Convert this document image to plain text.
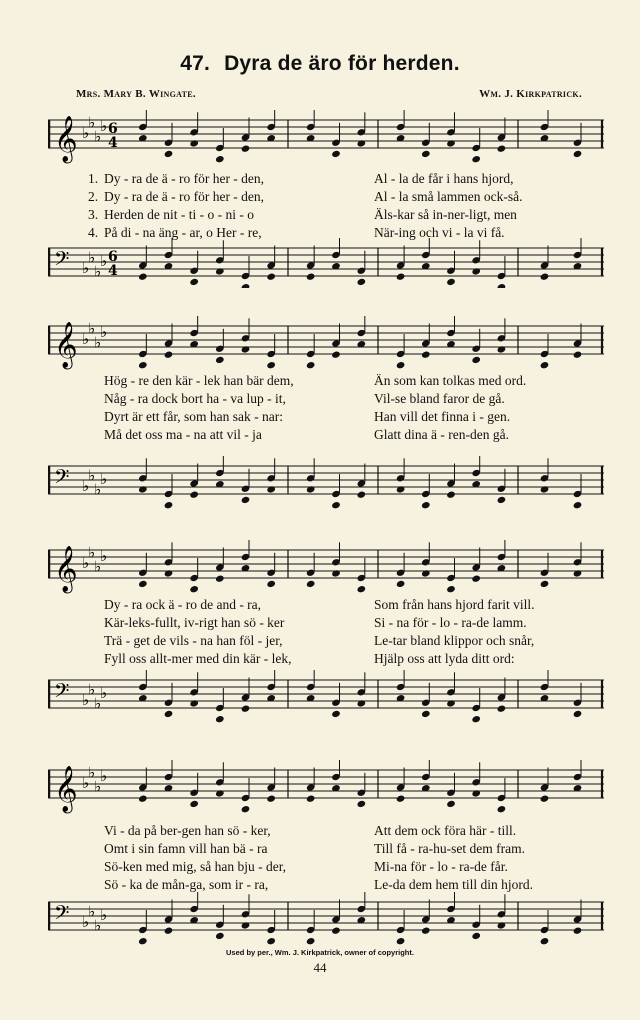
47. Dyra de äro för herden.
Mrs. Mary B. Wingate.	Wm. J. Kirkpatrick.
𝄞 ♭
♭
♭
♭ 6
4
1. Dy - ra de ä - ro för her - den,	Al - la de får i hans hjord,
2. Dy - ra de ä - ro för her - den,	Al - la små lammen ock-så.
3. Herden de nit - ti - o - ni - o	Äls-kar så in-ner-ligt, men
4. På di - na äng - ar, o Her - re,	När-ing och vi - la vi få.
𝄢 ♭
♭
♭
♭ 6
4
𝄞 ♭
♭
♭
♭
Hög - re den kär - lek han bär dem,	Än som kan tolkas med ord.
Någ - ra dock bort ha - va lup - it,	Vil-se bland faror de gå.
Dyrt är ett får, som han sak - nar:	Han vill det finna i - gen.
Må det oss ma - na att vil - ja	Glatt dina ä - ren-den gå.
𝄢 ♭
♭
♭
♭
𝄞 ♭
♭
♭
♭
Dy - ra ock ä - ro de and - ra,	Som från hans hjord farit vill.
Kär-leks-fullt, iv-rigt han sö - ker	Si - na för - lo - ra-de lamm.
Trä - get de vils - na han föl - jer,	Le-tar bland klippor och snår,
Fyll oss allt-mer med din kär - lek,	Hjälp oss att lyda ditt ord:
𝄢 ♭
♭
♭
♭
𝄞 ♭
♭
♭
♭
Vi - da på ber-gen han sö - ker,	Att dem ock föra här - till.
Omt i sin famn vill han bä - ra	Till få - ra-hu-set dem fram.
Sö-ken med mig, så han bju - der,	Mi-na för - lo - ra-de får.
Sö - ka de mån-ga, som ir - ra,	Le-da dem hem till din hjord.
𝄢 ♭
♭
♭
♭
Used by per., Wm. J. Kirkpatrick, owner of copyright.
44
